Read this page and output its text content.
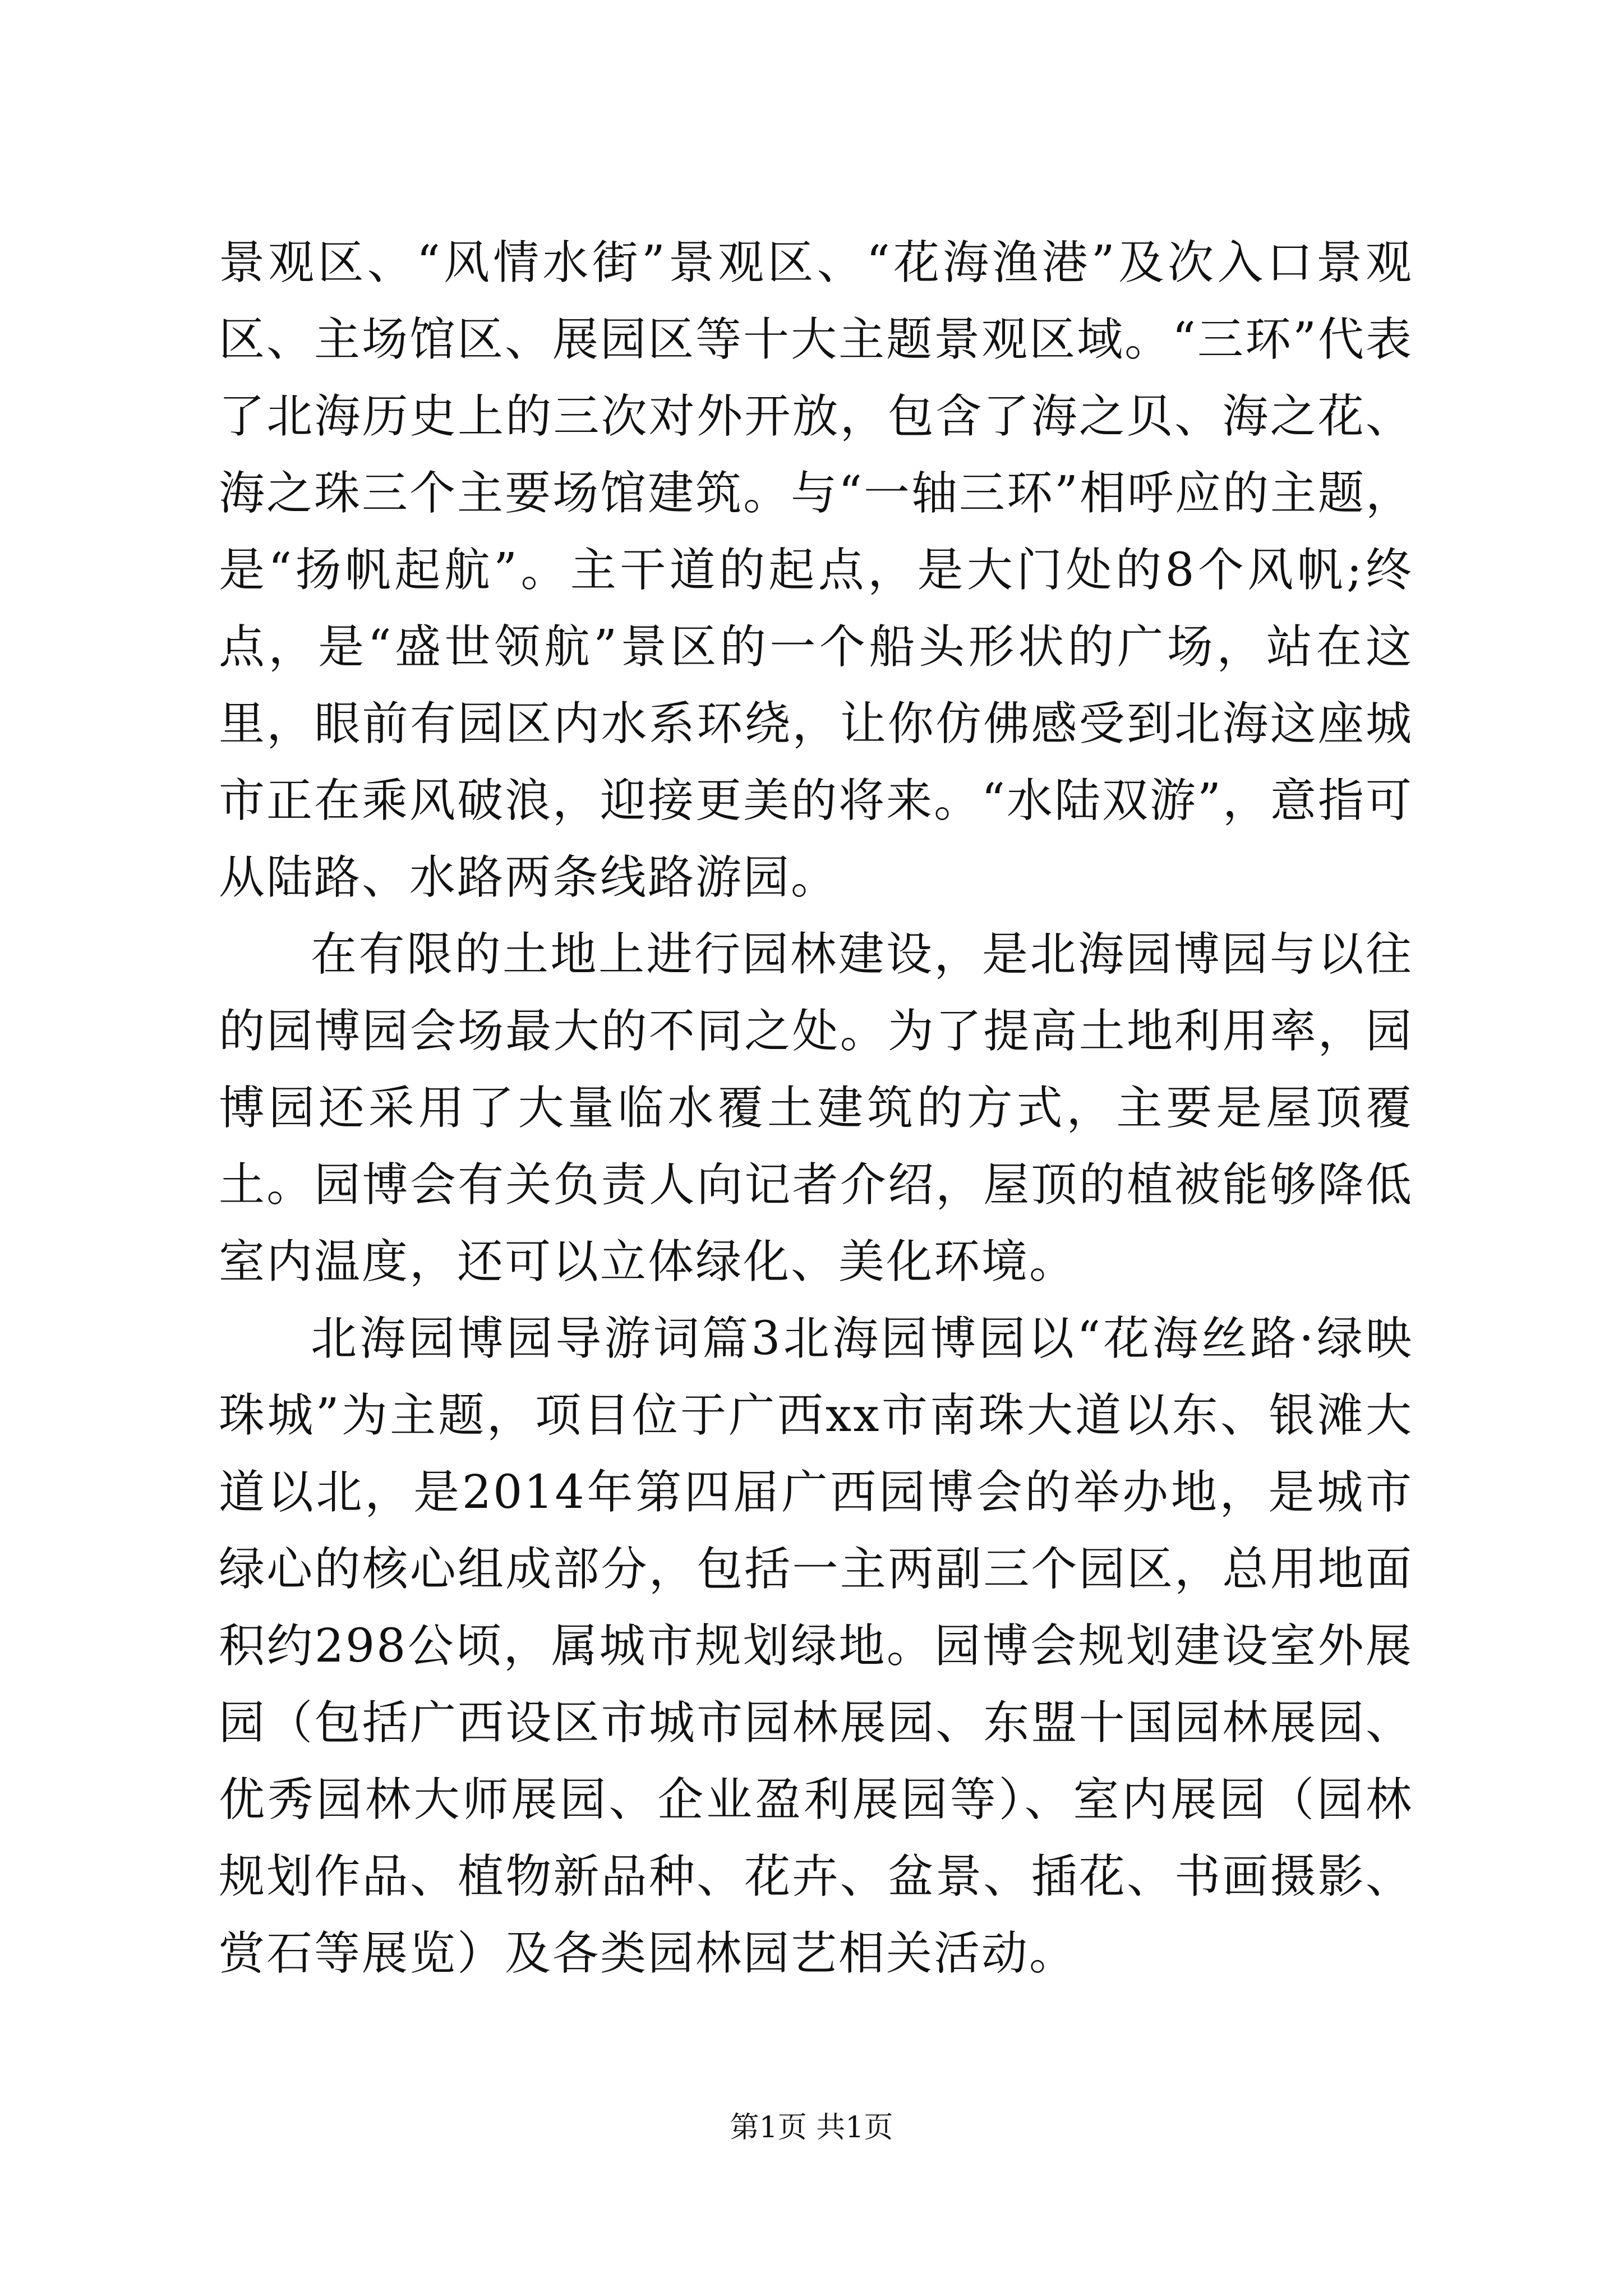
景观区、“风情水街”景观区、“花海渔港”及次入口景观区、主场馆区、展园区等十大主题景观区域。“三环”代表了北海历史上的三次对外开放，包含了海之贝、海之花、海之珠三个主要场馆建筑。与“一轴三环”相呼应的主题，是“扬帆起航”。主干道的起点，是大门处的8个风帆;终点，是“盛世领航”景区的一个船头形状的广场，站在这里，眼前有园区内水系环绕，让你仿佛感受到北海这座城市正在乘风破浪，迎接更美的将来。“水陆双游”，意指可从陆路、水路两条线路游园。

在有限的土地上进行园林建设，是北海园博园与以往的园博园会场最大的不同之处。为了提高土地利用率，园博园还采用了大量临水覆土建筑的方式，主要是屋顶覆土。园博会有关负责人向记者介绍，屋顶的植被能够降低室内温度，还可以立体绿化、美化环境。

北海园博园导游词篇3北海园博园以“花海丝路·绿映珠城”为主题，项目位于广西xx市南珠大道以东、银滩大道以北，是2014年第四届广西园博会的举办地，是城市绿心的核心组成部分，包括一主两副三个园区，总用地面积约298公顷，属城市规划绿地。园博会规划建设室外展园（包括广西设区市城市园林展园、东盟十国园林展园、优秀园林大师展园、企业盈利展园等）、室内展园（园林规划作品、植物新品种、花卉、盆景、插花、书画摄影、赏石等展览）及各类园林园艺相关活动。

第1页 共1页
